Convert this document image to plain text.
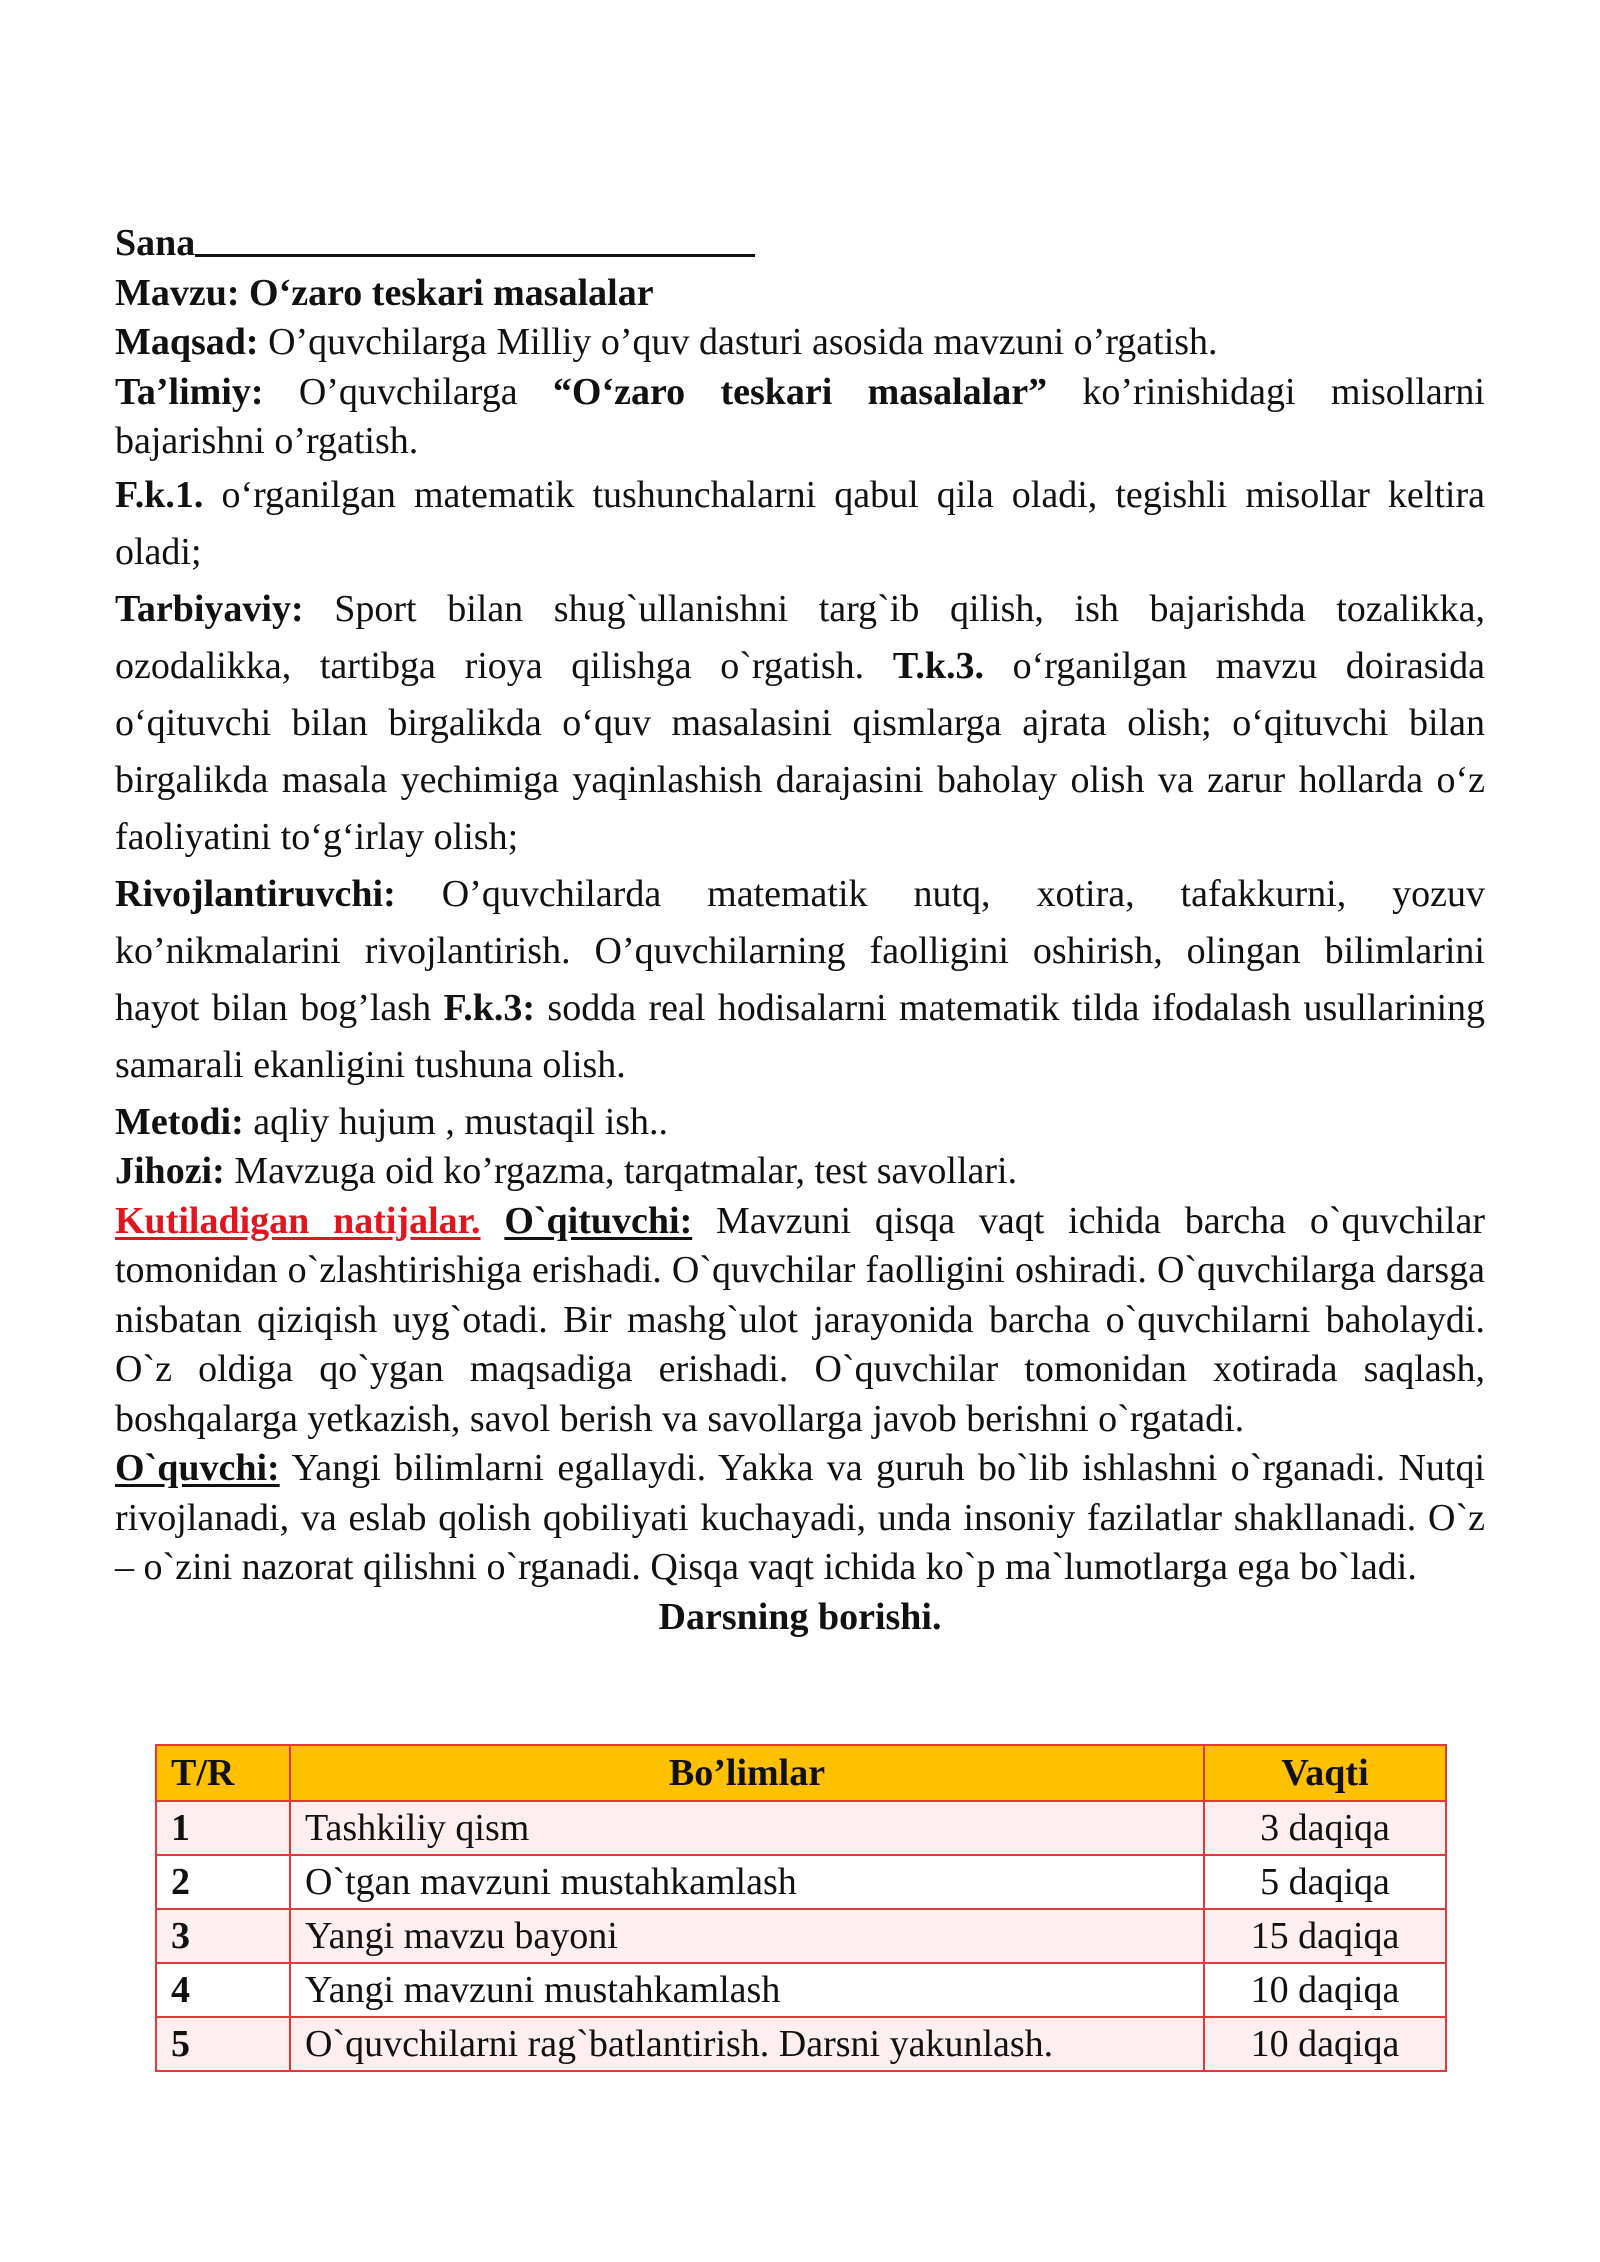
Sana

Mavzu: O‘zaro teskari masalalar

Maqsad: O’quvchilarga Milliy o’quv dasturi asosida mavzuni o’rgatish.

Ta’limiy: O’quvchilarga “O‘zaro teskari masalalar” ko’rinishidagi misollarni bajarishni o’rgatish.

F.k.1. o‘rganilgan matematik tushunchalarni qabul qila oladi, tegishli misollar keltira oladi;

Tarbiyaviy: Sport bilan shug`ullanishni targ`ib qilish, ish bajarishda tozalikka, ozodalikka, tartibga rioya qilishga o`rgatish. T.k.3. o‘rganilgan mavzu doirasida o‘qituvchi bilan birgalikda o‘quv masalasini qismlarga ajrata olish; o‘qituvchi bilan birgalikda masala yechimiga yaqinlashish darajasini baholay olish va zarur hollarda o‘z faoliyatini to‘g‘irlay olish;

Rivojlantiruvchi: O’quvchilarda matematik nutq, xotira, tafakkurni, yozuv ko’nikmalarini rivojlantirish. O’quvchilarning faolligini oshirish, olingan bilimlarini hayot bilan bog’lash F.k.3: sodda real hodisalarni matematik tilda ifodalash usullarining samarali ekanligini tushuna olish.

Metodi: aqliy hujum , mustaqil ish..

Jihozi: Mavzuga oid ko’rgazma, tarqatmalar, test savollari.

Kutiladigan natijalar. O`qituvchi: Mavzuni qisqa vaqt ichida barcha o`quvchilar tomonidan o`zlashtirishiga erishadi. O`quvchilar faolligini oshiradi. O`quvchilarga darsga nisbatan qiziqish uyg`otadi. Bir mashg`ulot jarayonida barcha o`quvchilarni baholaydi. O`z oldiga qo`ygan maqsadiga erishadi. O`quvchilar tomonidan xotirada saqlash, boshqalarga yetkazish, savol berish va savollarga javob berishni o`rgatadi.

O`quvchi: Yangi bilimlarni egallaydi. Yakka va guruh bo`lib ishlashni o`rganadi. Nutqi rivojlanadi, va eslab qolish qobiliyati kuchayadi, unda insoniy fazilatlar shakllanadi. O`z – o`zini nazorat qilishni o`rganadi. Qisqa vaqt ichida ko`p ma`lumotlarga ega bo`ladi.

Darsning borishi.

T/R	Bo’limlar	Vaqti
1	Tashkiliy qism	3 daqiqa
2	O`tgan mavzuni mustahkamlash	5 daqiqa
3	Yangi mavzu bayoni	15 daqiqa
4	Yangi mavzuni mustahkamlash	10 daqiqa
5	O`quvchilarni rag`batlantirish. Darsni yakunlash.	10 daqiqa
